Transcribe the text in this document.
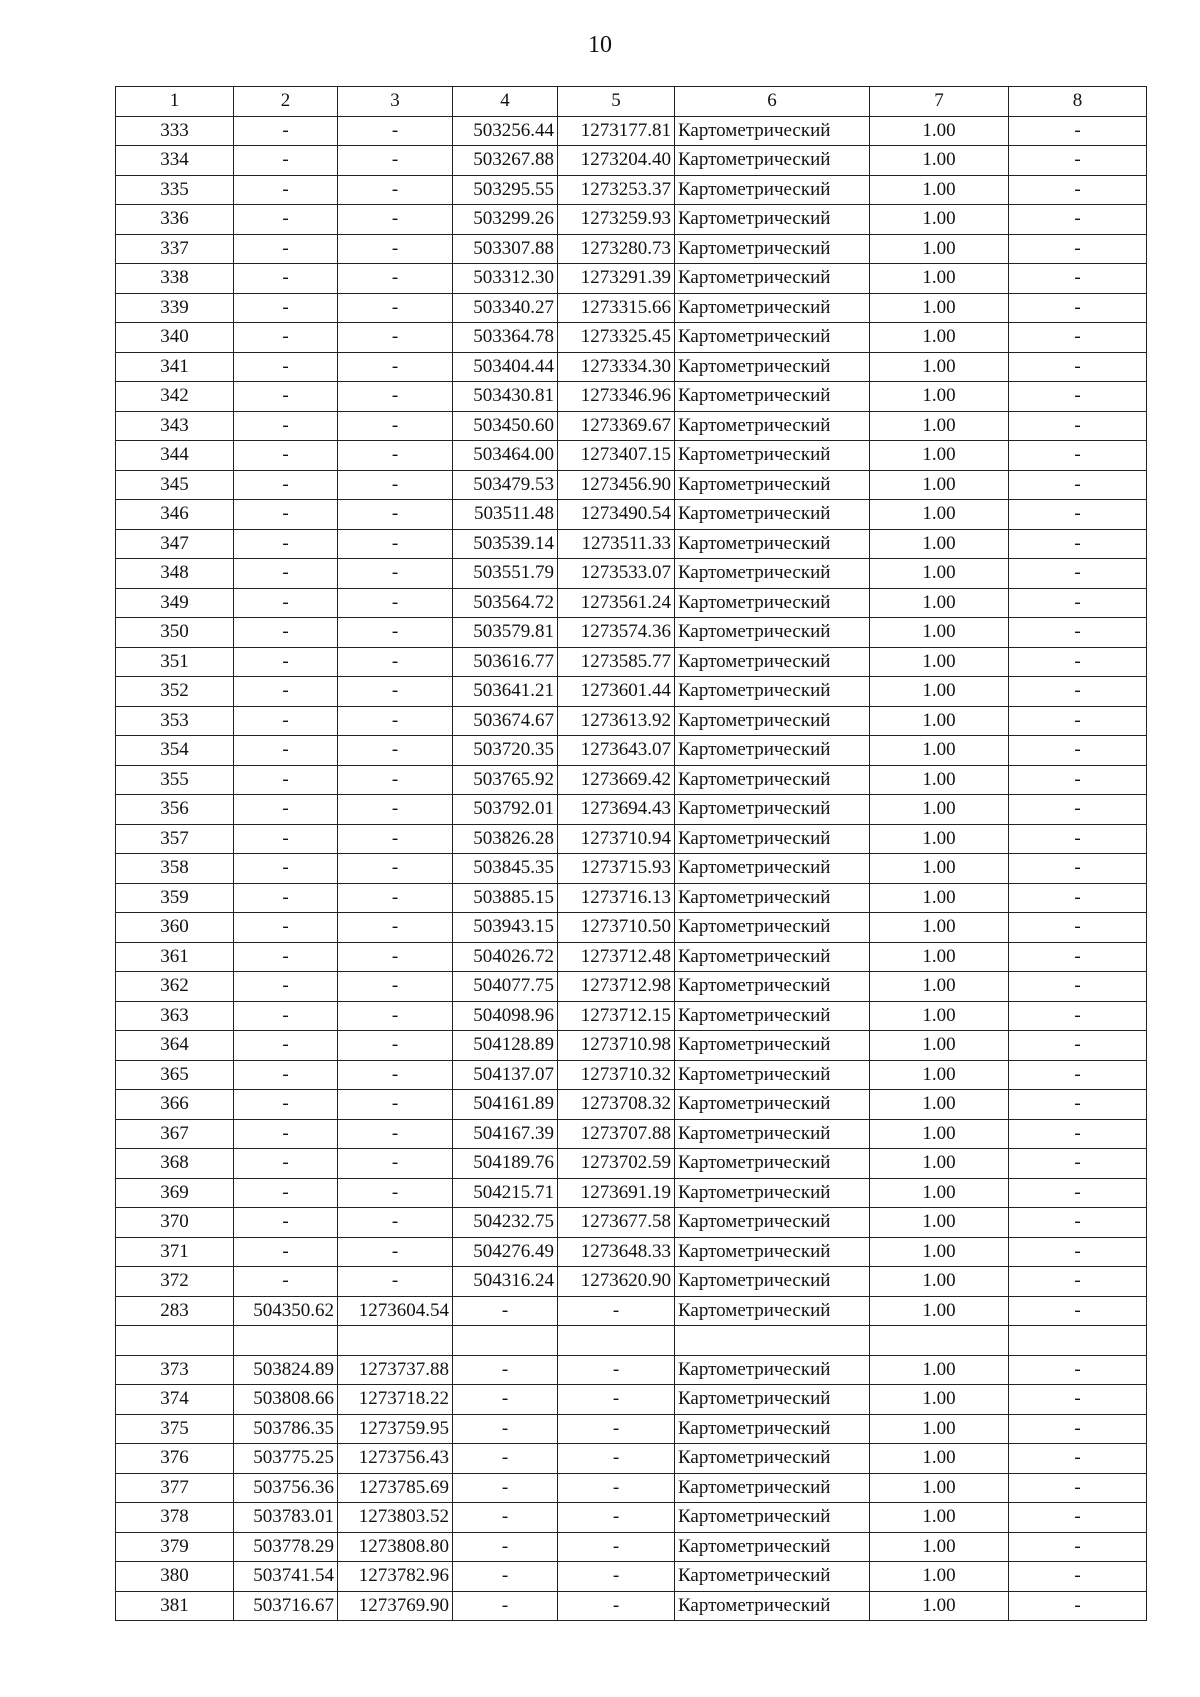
10
1	2	3	4	5	6	7	8
333	-	-	503256.44	1273177.81	Картометрический	1.00	-
334	-	-	503267.88	1273204.40	Картометрический	1.00	-
335	-	-	503295.55	1273253.37	Картометрический	1.00	-
336	-	-	503299.26	1273259.93	Картометрический	1.00	-
337	-	-	503307.88	1273280.73	Картометрический	1.00	-
338	-	-	503312.30	1273291.39	Картометрический	1.00	-
339	-	-	503340.27	1273315.66	Картометрический	1.00	-
340	-	-	503364.78	1273325.45	Картометрический	1.00	-
341	-	-	503404.44	1273334.30	Картометрический	1.00	-
342	-	-	503430.81	1273346.96	Картометрический	1.00	-
343	-	-	503450.60	1273369.67	Картометрический	1.00	-
344	-	-	503464.00	1273407.15	Картометрический	1.00	-
345	-	-	503479.53	1273456.90	Картометрический	1.00	-
346	-	-	503511.48	1273490.54	Картометрический	1.00	-
347	-	-	503539.14	1273511.33	Картометрический	1.00	-
348	-	-	503551.79	1273533.07	Картометрический	1.00	-
349	-	-	503564.72	1273561.24	Картометрический	1.00	-
350	-	-	503579.81	1273574.36	Картометрический	1.00	-
351	-	-	503616.77	1273585.77	Картометрический	1.00	-
352	-	-	503641.21	1273601.44	Картометрический	1.00	-
353	-	-	503674.67	1273613.92	Картометрический	1.00	-
354	-	-	503720.35	1273643.07	Картометрический	1.00	-
355	-	-	503765.92	1273669.42	Картометрический	1.00	-
356	-	-	503792.01	1273694.43	Картометрический	1.00	-
357	-	-	503826.28	1273710.94	Картометрический	1.00	-
358	-	-	503845.35	1273715.93	Картометрический	1.00	-
359	-	-	503885.15	1273716.13	Картометрический	1.00	-
360	-	-	503943.15	1273710.50	Картометрический	1.00	-
361	-	-	504026.72	1273712.48	Картометрический	1.00	-
362	-	-	504077.75	1273712.98	Картометрический	1.00	-
363	-	-	504098.96	1273712.15	Картометрический	1.00	-
364	-	-	504128.89	1273710.98	Картометрический	1.00	-
365	-	-	504137.07	1273710.32	Картометрический	1.00	-
366	-	-	504161.89	1273708.32	Картометрический	1.00	-
367	-	-	504167.39	1273707.88	Картометрический	1.00	-
368	-	-	504189.76	1273702.59	Картометрический	1.00	-
369	-	-	504215.71	1273691.19	Картометрический	1.00	-
370	-	-	504232.75	1273677.58	Картометрический	1.00	-
371	-	-	504276.49	1273648.33	Картометрический	1.00	-
372	-	-	504316.24	1273620.90	Картометрический	1.00	-
283	504350.62	1273604.54	-	-	Картометрический	1.00	-

373	503824.89	1273737.88	-	-	Картометрический	1.00	-
374	503808.66	1273718.22	-	-	Картометрический	1.00	-
375	503786.35	1273759.95	-	-	Картометрический	1.00	-
376	503775.25	1273756.43	-	-	Картометрический	1.00	-
377	503756.36	1273785.69	-	-	Картометрический	1.00	-
378	503783.01	1273803.52	-	-	Картометрический	1.00	-
379	503778.29	1273808.80	-	-	Картометрический	1.00	-
380	503741.54	1273782.96	-	-	Картометрический	1.00	-
381	503716.67	1273769.90	-	-	Картометрический	1.00	-
